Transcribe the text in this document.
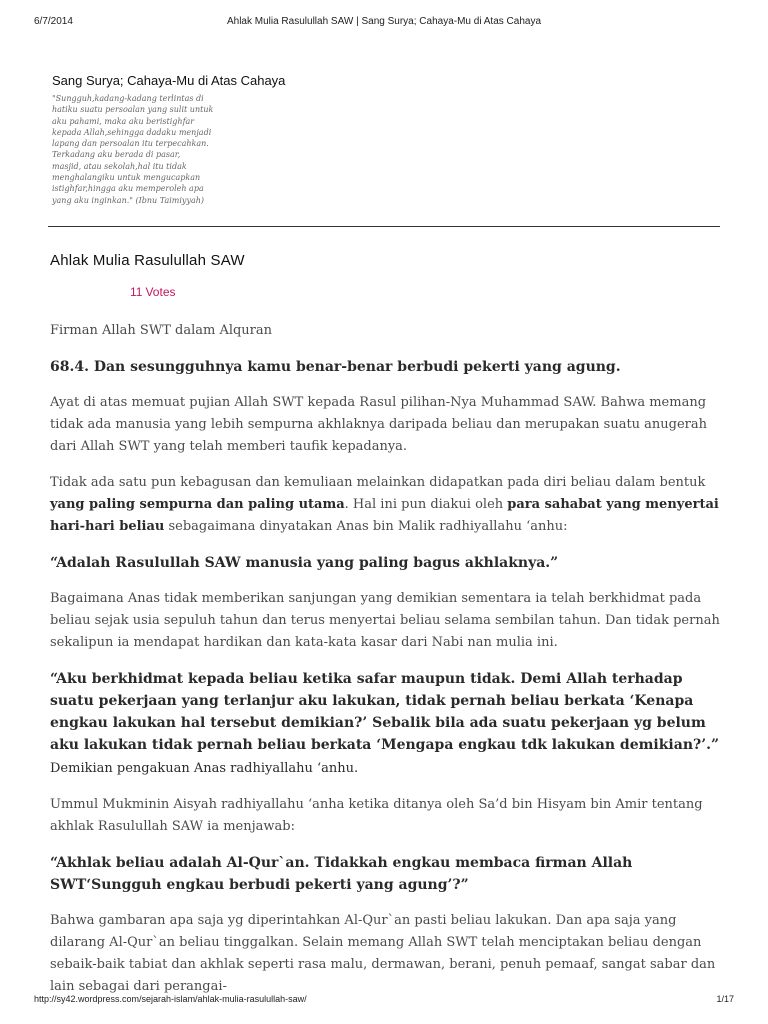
6/7/2014	Ahlak Mulia Rasulullah SAW | Sang Surya; Cahaya-Mu di Atas Cahaya
Sang Surya; Cahaya-Mu di Atas Cahaya
"Sungguh,kadang-kadang terlintas di
hatiku suatu persoalan yang sulit untuk
aku pahami, maka aku beristighfar
kepada Allah,sehingga dadaku menjadi
lapang dan persoalan itu terpecahkan.
Terkadang aku berada di pasar,
masjid, atau sekolah,hal itu tidak
menghalangiku untuk mengucapkan
istighfar,hingga aku memperoleh apa
yang aku inginkan." (Ibnu Taimiyyah)
Ahlak Mulia Rasulullah SAW
11 Votes

Firman Allah SWT dalam Alquran

68.4. Dan sesungguhnya kamu benar-benar berbudi pekerti yang agung.

Ayat di atas memuat pujian Allah SWT kepada Rasul pilihan-Nya Muhammad SAW. Bahwa memang tidak ada manusia yang lebih sempurna akhlaknya daripada beliau dan merupakan suatu anugerah dari Allah SWT yang telah memberi taufik kepadanya.

Tidak ada satu pun kebagusan dan kemuliaan melainkan didapatkan pada diri beliau dalam bentuk yang paling sempurna dan paling utama. Hal ini pun diakui oleh para sahabat yang menyertai hari-hari beliau sebagaimana dinyatakan Anas bin Malik radhiyallahu ‘anhu:

“Adalah Rasulullah SAW manusia yang paling bagus akhlaknya.”

Bagaimana Anas tidak memberikan sanjungan yang demikian sementara ia telah berkhidmat pada beliau sejak usia sepuluh tahun dan terus menyertai beliau selama sembilan tahun. Dan tidak pernah sekalipun ia mendapat hardikan dan kata-kata kasar dari Nabi nan mulia ini.

“Aku berkhidmat kepada beliau ketika safar maupun tidak. Demi Allah terhadap suatu pekerjaan yang terlanjur aku lakukan, tidak pernah beliau berkata ‘Kenapa engkau lakukan hal tersebut demikian?’ Sebalik bila ada suatu pekerjaan yg belum aku lakukan tidak pernah beliau berkata ‘Mengapa engkau tdk lakukan demikian?’.”   Demikian pengakuan Anas radhiyallahu ‘anhu.

Ummul Mukminin Aisyah radhiyallahu ‘anha ketika ditanya oleh Sa’d bin Hisyam bin Amir tentang akhlak Rasulullah SAW ia menjawab:

“Akhlak beliau adalah Al-Qur`an. Tidakkah engkau membaca firman Allah SWT‘Sungguh engkau berbudi pekerti yang agung’?”

Bahwa gambaran apa saja yg diperintahkan Al-Qur`an pasti beliau lakukan. Dan apa saja yang dilarang Al-Qur`an beliau tinggalkan. Selain memang Allah SWT telah menciptakan beliau dengan sebaik-baik tabiat dan akhlak seperti rasa malu, dermawan, berani, penuh pemaaf, sangat sabar dan lain sebagai dari perangai-

http://sy42.wordpress.com/sejarah-islam/ahlak-mulia-rasulullah-saw/	1/17
